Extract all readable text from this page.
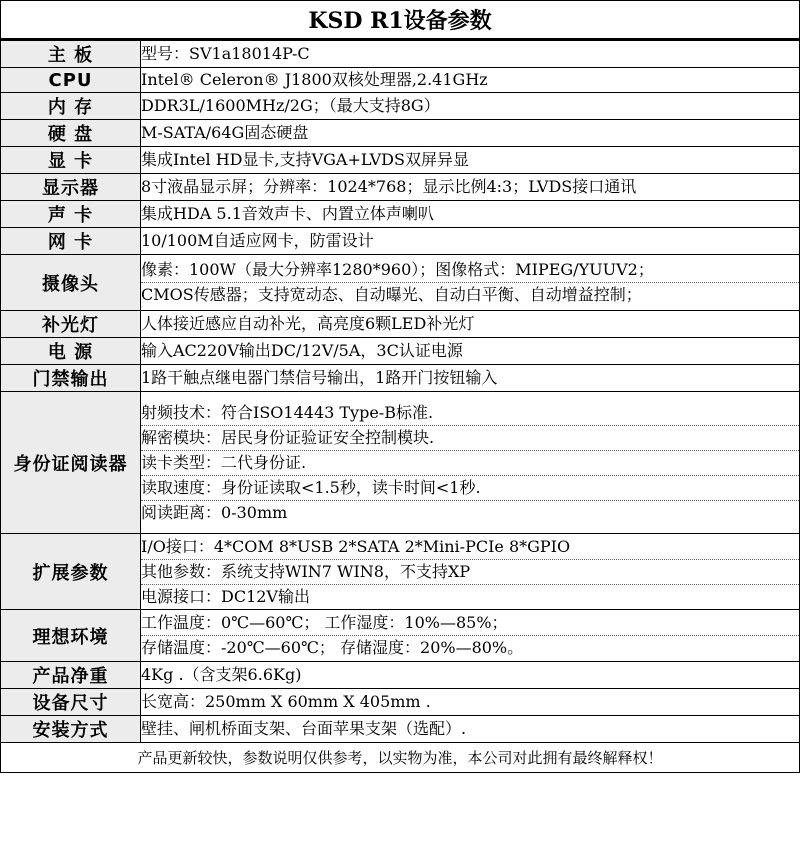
KSD R1设备参数
主 板	型号：SV1a18014P-C

CPU	Intel® Celeron® J1800双核处理器,2.41GHz

内 存	DDR3L/1600MHz/2G；（最大支持8G）

硬 盘	M-SATA/64G固态硬盘

显 卡	集成Intel HD显卡,支持VGA+LVDS双屏异显

显示器	8寸液晶显示屏；分辨率：1024*768；显示比例4:3；LVDS接口通讯

声 卡	集成HDA 5.1音效声卡、内置立体声喇叭

网 卡	10/100M自适应网卡，防雷设计

摄像头	像素：100W（最大分辨率1280*960）；图像格式：MIPEG/YUUV2；
CMOS传感器；支持宽动态、自动曝光、自动白平衡、自动增益控制；

补光灯	人体接近感应自动补光，高亮度6颗LED补光灯

电 源	输入AC220V输出DC/12V/5A，3C认证电源

门禁输出	1路干触点继电器门禁信号输出，1路开门按钮输入

身份证阅读器	射频技术：符合ISO14443 Type-B标准.
解密模块：居民身份证验证安全控制模块.
读卡类型：二代身份证.
读取速度：身份证读取<1.5秒，读卡时间<1秒.
阅读距离：0-30mm

扩展参数	I/O接口：4*COM 8*USB 2*SATA 2*Mini-PCIe 8*GPIO
其他参数：系统支持WIN7 WIN8，不支持XP
电源接口：DC12V输出

理想环境	工作温度：0℃—60℃； 工作湿度：10%—85%；
存储温度：-20℃—60℃； 存储湿度：20%—80%。

产品净重	4Kg .（含支架6.6Kg)

设备尺寸	长宽高：250mm X 60mm X 405mm .

安装方式	壁挂、闸机桥面支架、台面苹果支架（选配）.
产品更新较快，参数说明仅供参考，以实物为准，本公司对此拥有最终解释权！
